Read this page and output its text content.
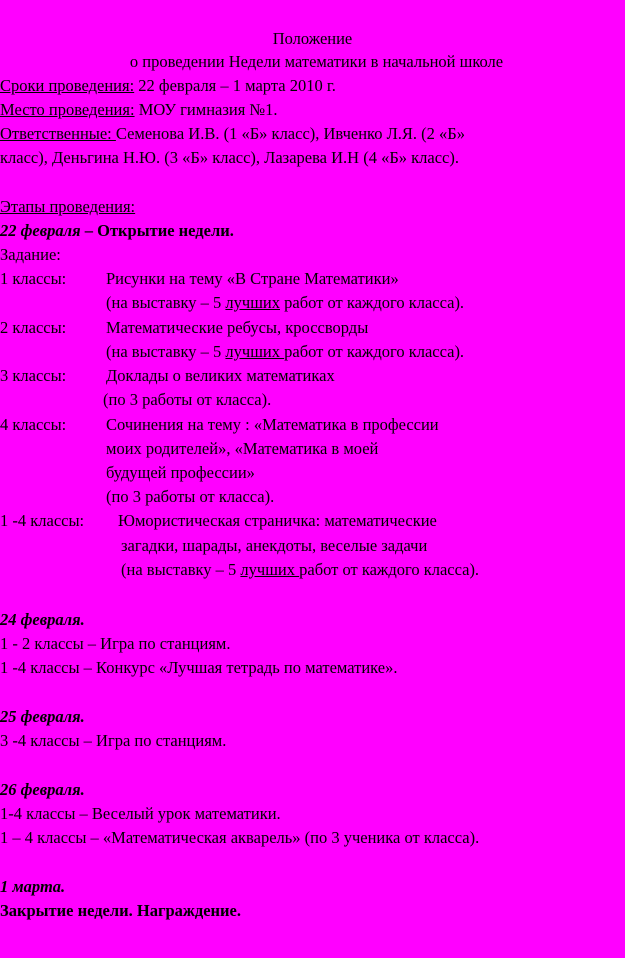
Положение
о проведении Недели математики в начальной школе
Сроки проведения: 22 февраля – 1 марта 2010 г.
Место проведения: МОУ гимназия №1.
Ответственные: Семенова И.В. (1 «Б» класс), Ивченко Л.Я. (2 «Б»
класс), Деньгина Н.Ю. (3 «Б» класс), Лазарева И.Н (4 «Б» класс).
Этапы проведения:
22 февраля – Открытие недели.
Задание:
1 классы: Рисунки на тему «В Стране Математики»
(на выставку – 5 лучших работ от каждого класса).
2 классы: Математические ребусы, кроссворды
(на выставку – 5 лучших работ от каждого класса).
3 классы: Доклады о великих математиках
(по 3 работы от класса).
4 классы: Сочинения на тему : «Математика в профессии
моих родителей», «Математика в моей
будущей профессии»
(по 3 работы от класса).
1 -4 классы: Юмористическая страничка: математические
загадки, шарады, анекдоты, веселые задачи
(на выставку – 5 лучших работ от каждого класса).
24 февраля.
1 - 2 классы – Игра по станциям.
1 -4 классы – Конкурс «Лучшая тетрадь по математике».
25 февраля.
3 -4 классы – Игра по станциям.
26 февраля.
1-4 классы – Веселый урок математики.
1 – 4 классы – «Математическая акварель» (по 3 ученика от класса).
1 марта.
Закрытие недели. Награждение.
